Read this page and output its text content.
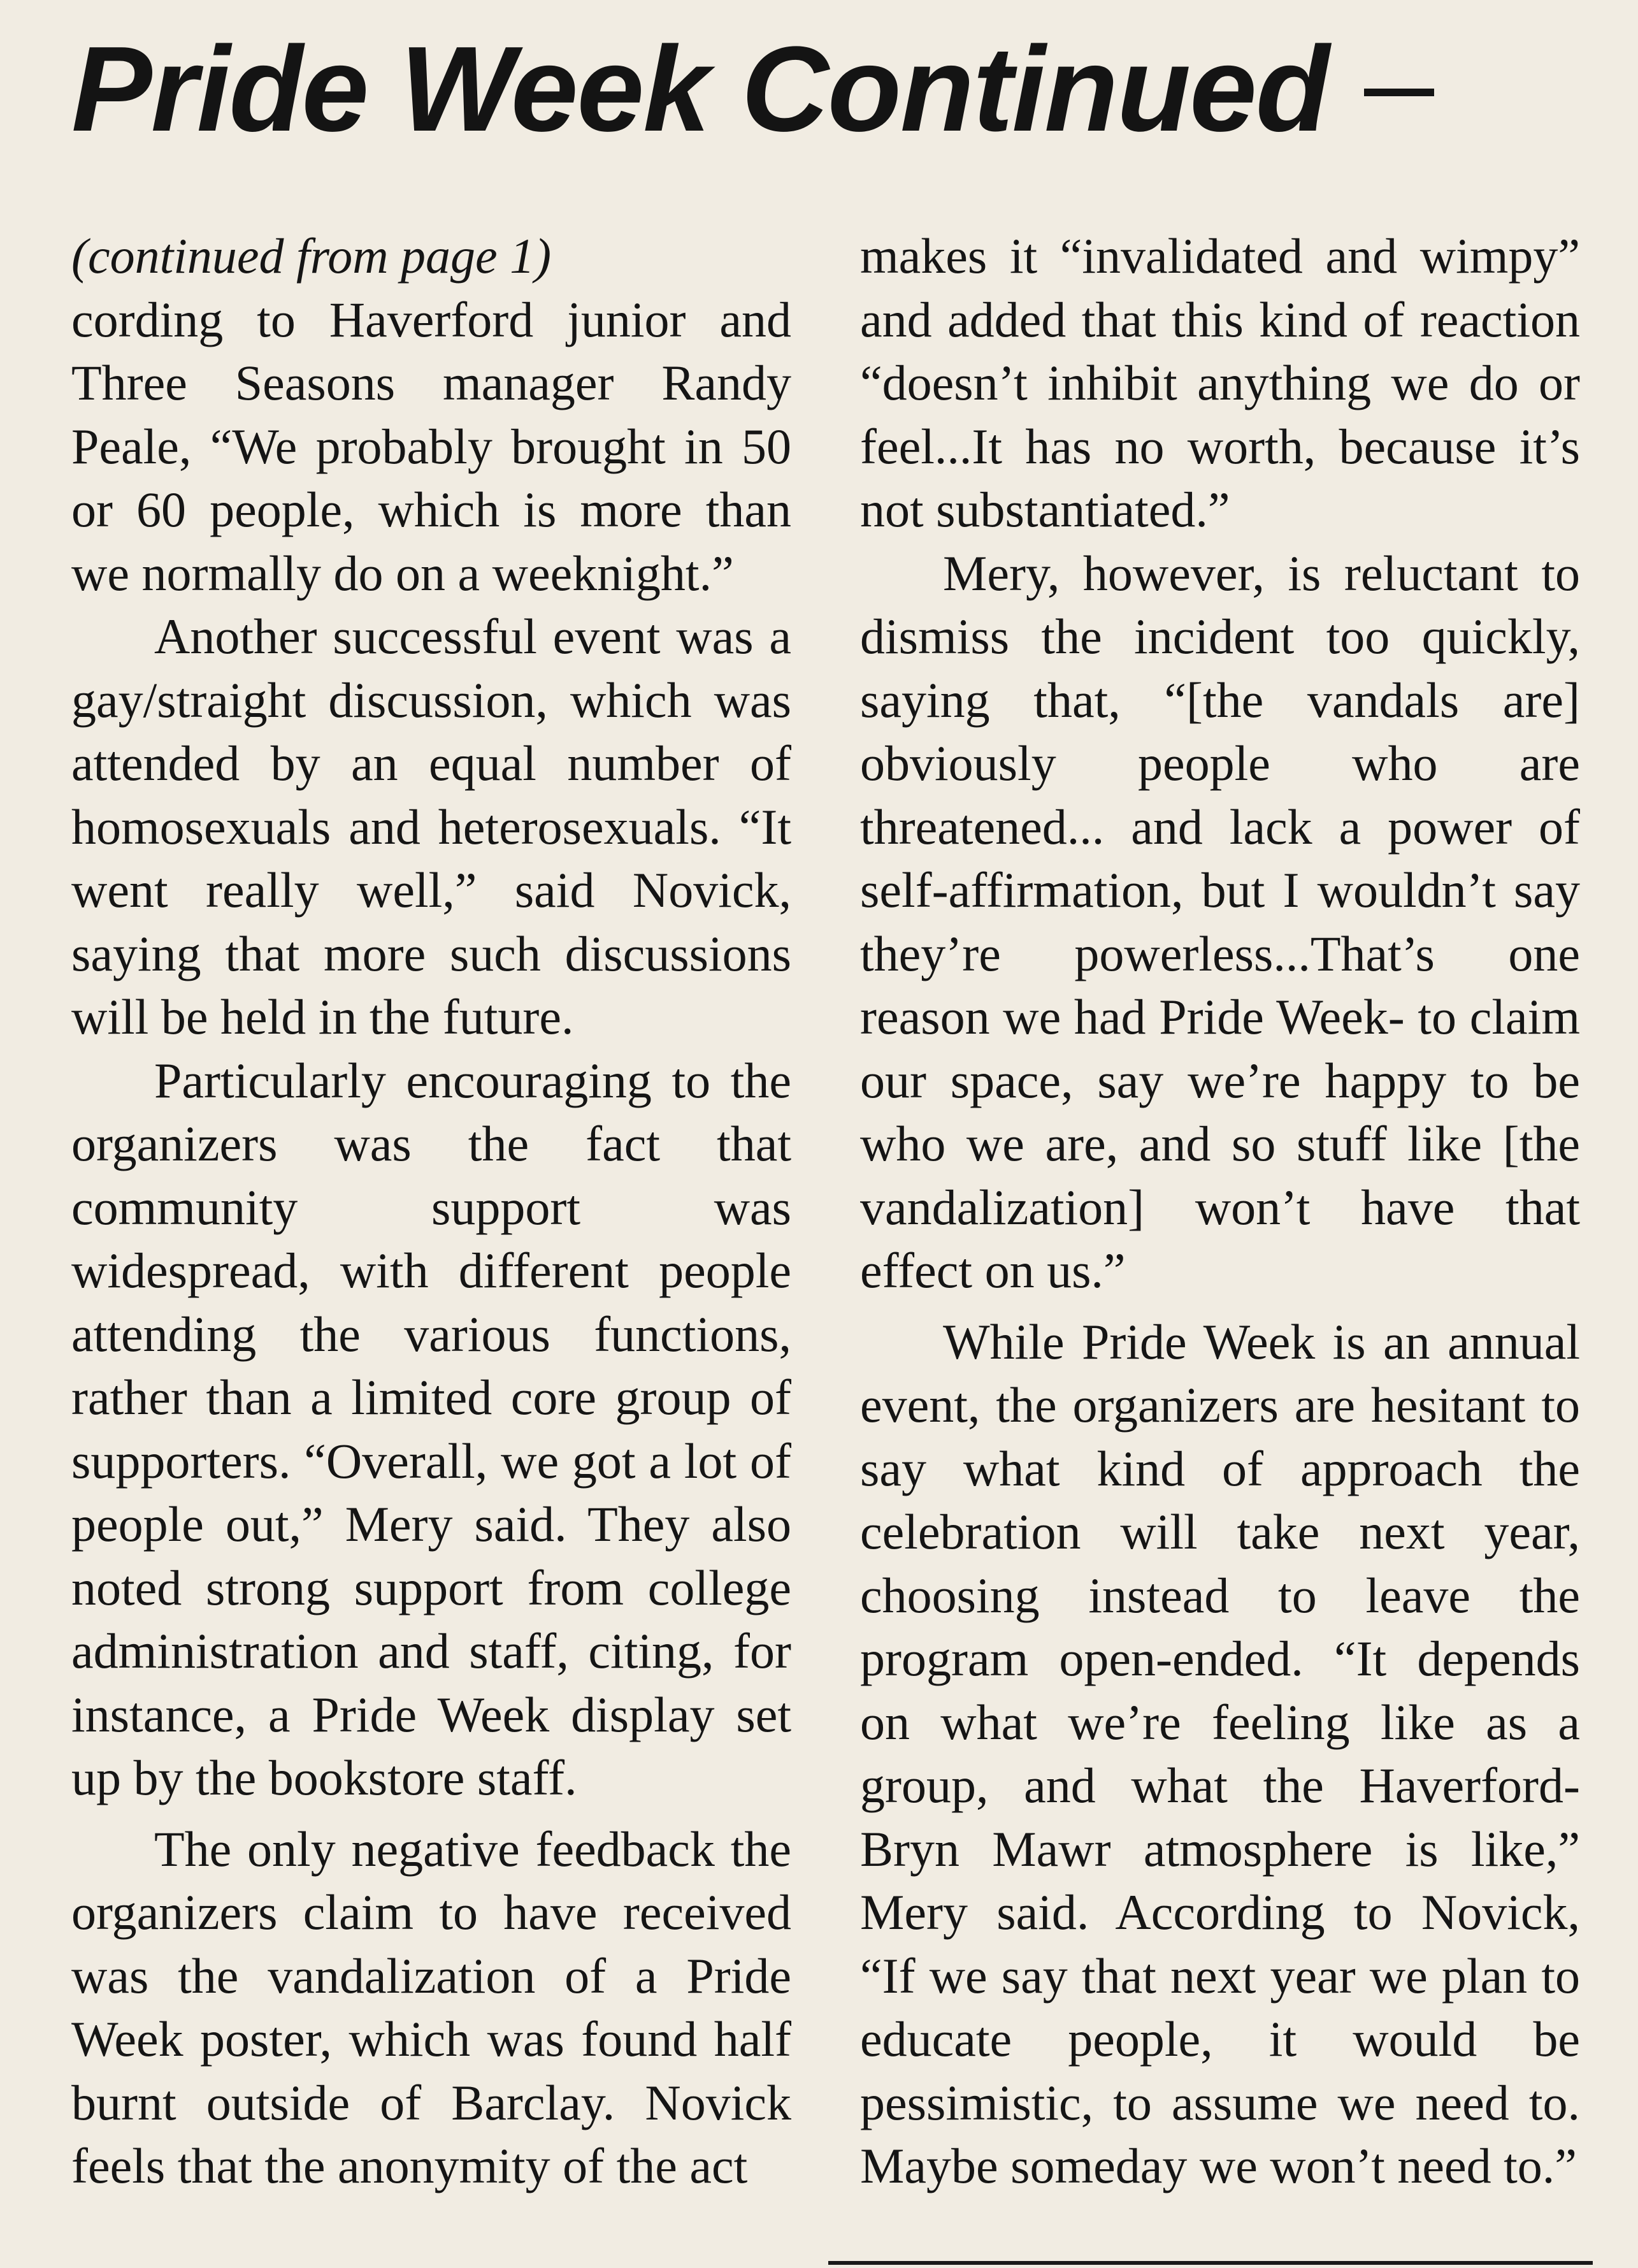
Pride Week Continued

(continued from page 1)
cording to Haverford junior and Three Seasons manager Randy Peale, “We probably brought in 50 or 60 people, which is more than we normally do on a weeknight.”

Another successful event was a gay/straight discussion, which was attended by an equal number of homosexuals and heterosexuals. “It went really well,” said Novick, saying that more such discussions will be held in the future.

Particularly encouraging to the organizers was the fact that community support was widespread, with different people attending the various functions, rather than a limited core group of supporters. “Overall, we got a lot of people out,” Mery said. They also noted strong support from college administration and staff, citing, for instance, a Pride Week display set up by the bookstore staff.

The only negative feedback the organizers claim to have received was the vandalization of a Pride Week poster, which was found half burnt outside of Barclay. Novick feels that the anonymity of the act

makes it “invalidated and wimpy” and added that this kind of reaction “doesn’t inhibit anything we do or feel...It has no worth, because it’s not substantiated.”

Mery, however, is reluctant to dismiss the incident too quickly, saying that, “[the vandals are] obviously people who are threatened... and lack a power of self-affirmation, but I wouldn’t say they’re powerless...That’s one reason we had Pride Week- to claim our space, say we’re happy to be who we are, and so stuff like [the vandalization] won’t have that effect on us.”

While Pride Week is an annual event, the organizers are hesitant to say what kind of approach the celebration will take next year, choosing instead to leave the program open-ended. “It depends on what we’re feeling like as a group, and what the Haverford-Bryn Mawr atmosphere is like,” Mery said. According to Novick, “If we say that next year we plan to educate people, it would be pessimistic, to assume we need to. Maybe someday we won’t need to.”
